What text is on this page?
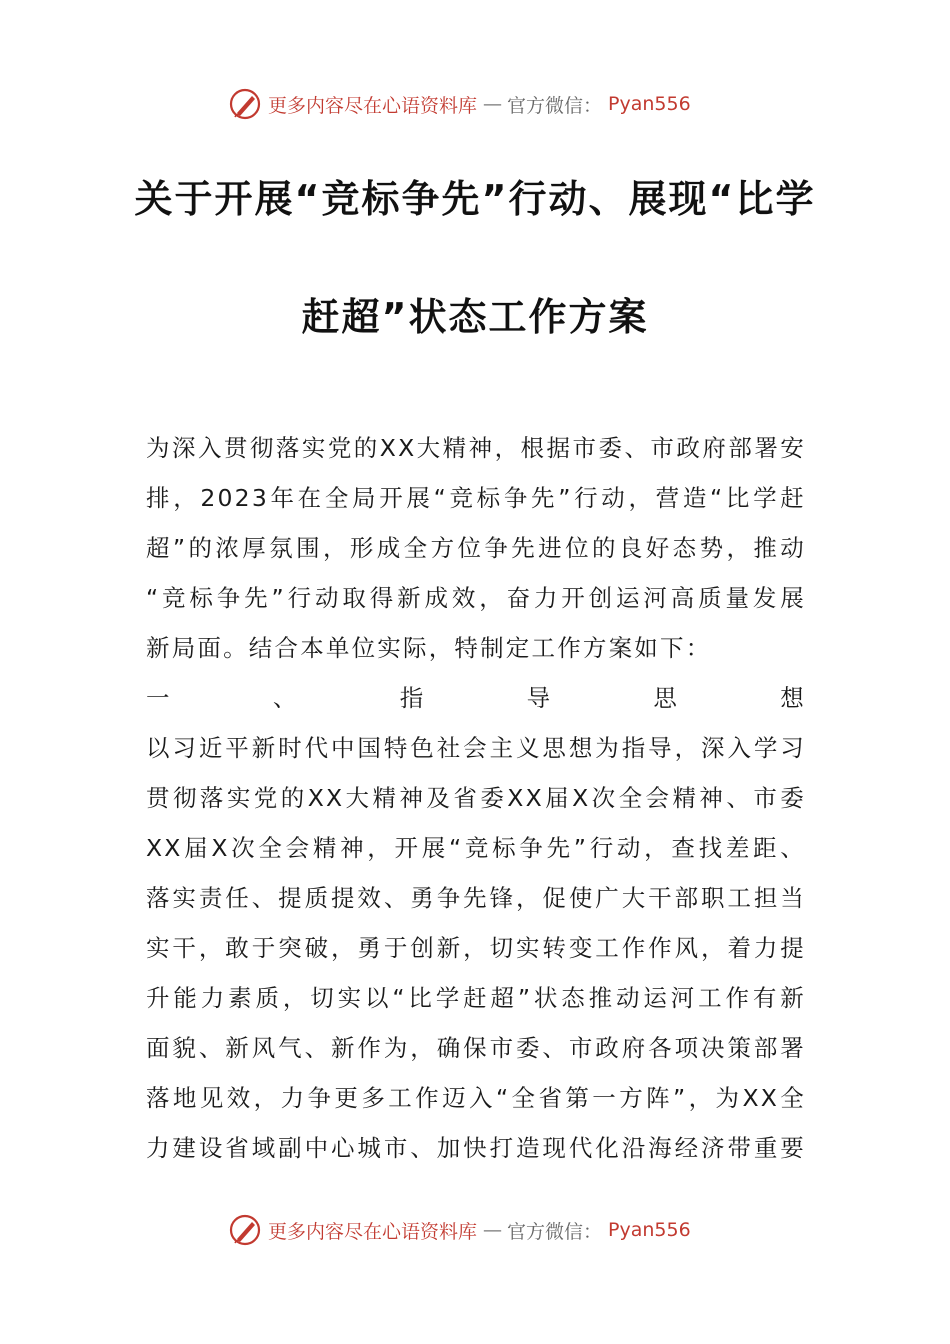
更多内容尽在心语资料库 — 官方微信： Pyan556
关于开展“竞标争先”行动、展现“比学
赶超”状态工作方案

为深入贯彻落实党的XX大精神，根据市委、市政府部署安

排，2023年在全局开展“竞标争先”行动，营造“比学赶

超”的浓厚氛围，形成全方位争先进位的良好态势，推动

“竞标争先”行动取得新成效，奋力开创运河高质量发展

新局面。结合本单位实际，特制定工作方案如下：

一、指导思想

以习近平新时代中国特色社会主义思想为指导，深入学习

贯彻落实党的XX大精神及省委XX届X次全会精神、市委

XX届X次全会精神，开展“竞标争先”行动，查找差距、

落实责任、提质提效、勇争先锋，促使广大干部职工担当

实干，敢于突破，勇于创新，切实转变工作作风，着力提

升能力素质，切实以“比学赶超”状态推动运河工作有新

面貌、新风气、新作为，确保市委、市政府各项决策部署

落地见效，力争更多工作迈入“全省第一方阵”，为XX全

力建设省域副中心城市、加快打造现代化沿海经济带重要

更多内容尽在心语资料库 — 官方微信： Pyan556
